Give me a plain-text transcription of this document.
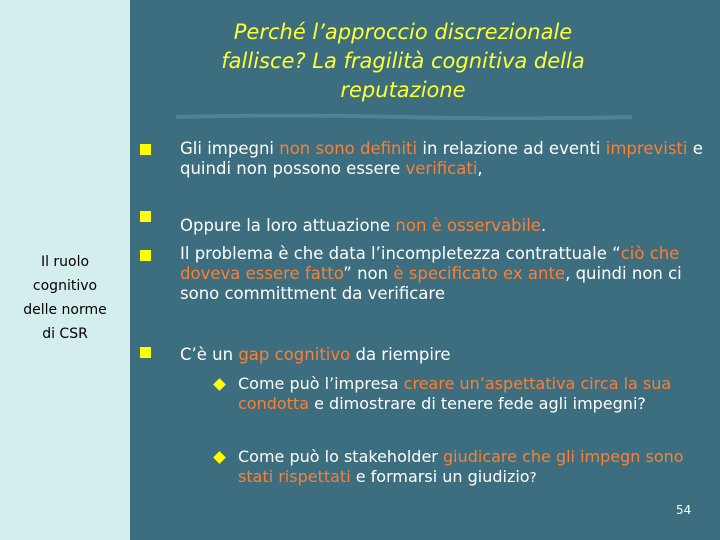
Perché l’approccio discrezionale
fallisce? La fragilità cognitiva della
reputazione
Il ruolo
cognitivo
delle norme
di CSR
Gli impegni non sono definiti in relazione ad eventi imprevisti e quindi non possono essere verificati,
Oppure la loro attuazione non è osservabile.
Il problema è che data l’incompletezza contrattuale “ciò che doveva essere fatto” non è specificato ex ante, quindi non ci sono committment da verificare
C’è un gap cognitivo da riempire
Come può l’impresa creare un’aspettativa circa la sua condotta e dimostrare di tenere fede agli impegni?
Come può lo stakeholder giudicare che gli impegn sono stati rispettati e formarsi un giudizio?
54
